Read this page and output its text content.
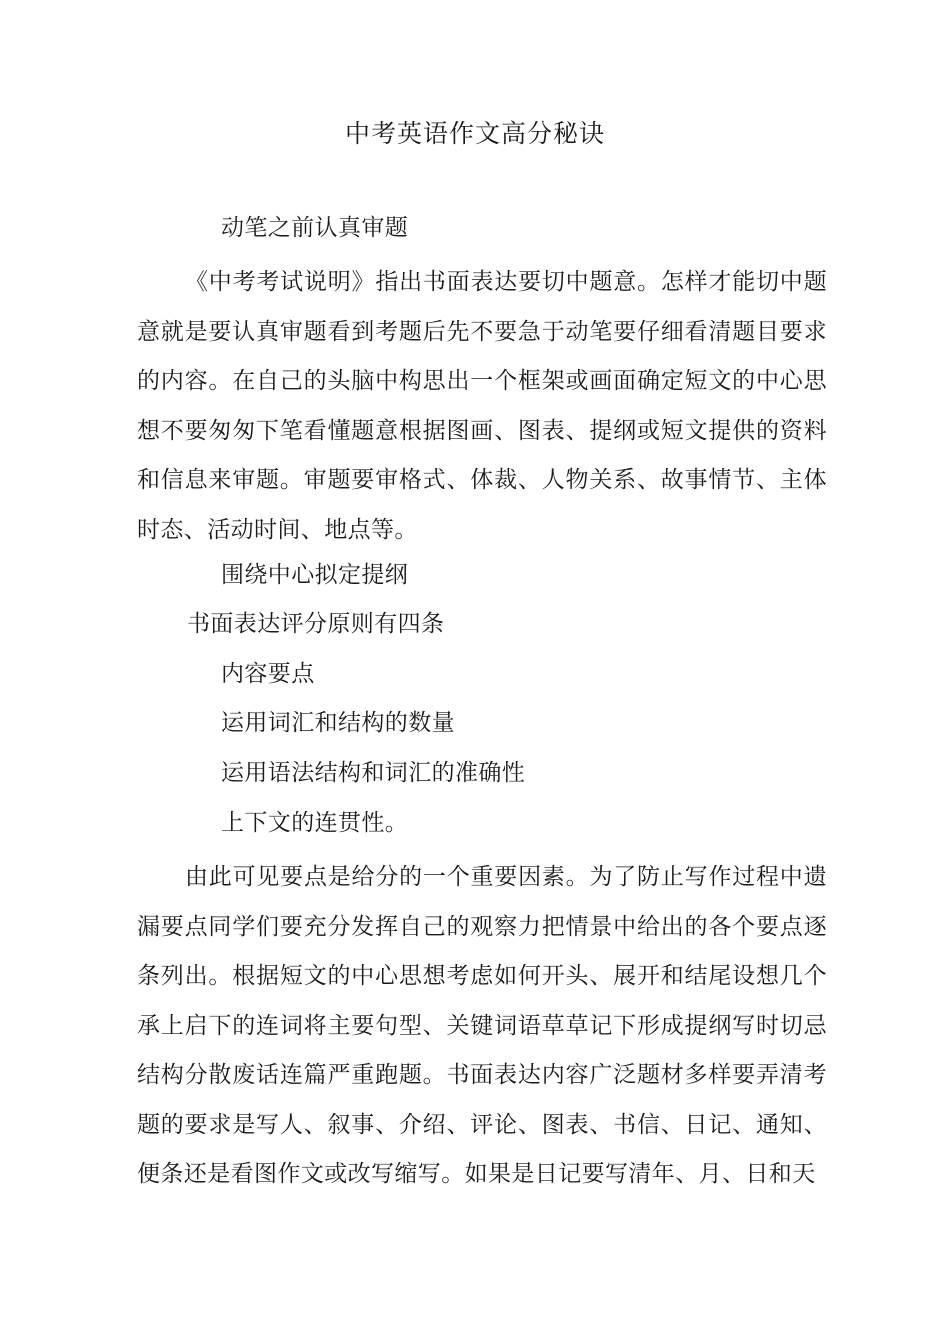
中考英语作文高分秘诀
动笔之前认真审题
《中考考试说明》指出书面表达要切中题意。怎样才能切中题意就是要认真审题看到考题后先不要急于动笔要仔细看清题目要求的内容。在自己的头脑中构思出一个框架或画面确定短文的中心思想不要匆匆下笔看懂题意根据图画、图表、提纲或短文提供的资料和信息来审题。审题要审格式、体裁、人物关系、故事情节、主体时态、活动时间、地点等。
围绕中心拟定提纲
书面表达评分原则有四条
内容要点
运用词汇和结构的数量
运用语法结构和词汇的准确性
上下文的连贯性。
由此可见要点是给分的一个重要因素。为了防止写作过程中遗漏要点同学们要充分发挥自己的观察力把情景中给出的各个要点逐条列出。根据短文的中心思想考虑如何开头、展开和结尾设想几个承上启下的连词将主要句型、关键词语草草记下形成提纲写时切忌结构分散废话连篇严重跑题。书面表达内容广泛题材多样要弄清考题的要求是写人、叙事、介绍、评论、图表、书信、日记、通知、便条还是看图作文或改写缩写。如果是日记要写清年、月、日和天
